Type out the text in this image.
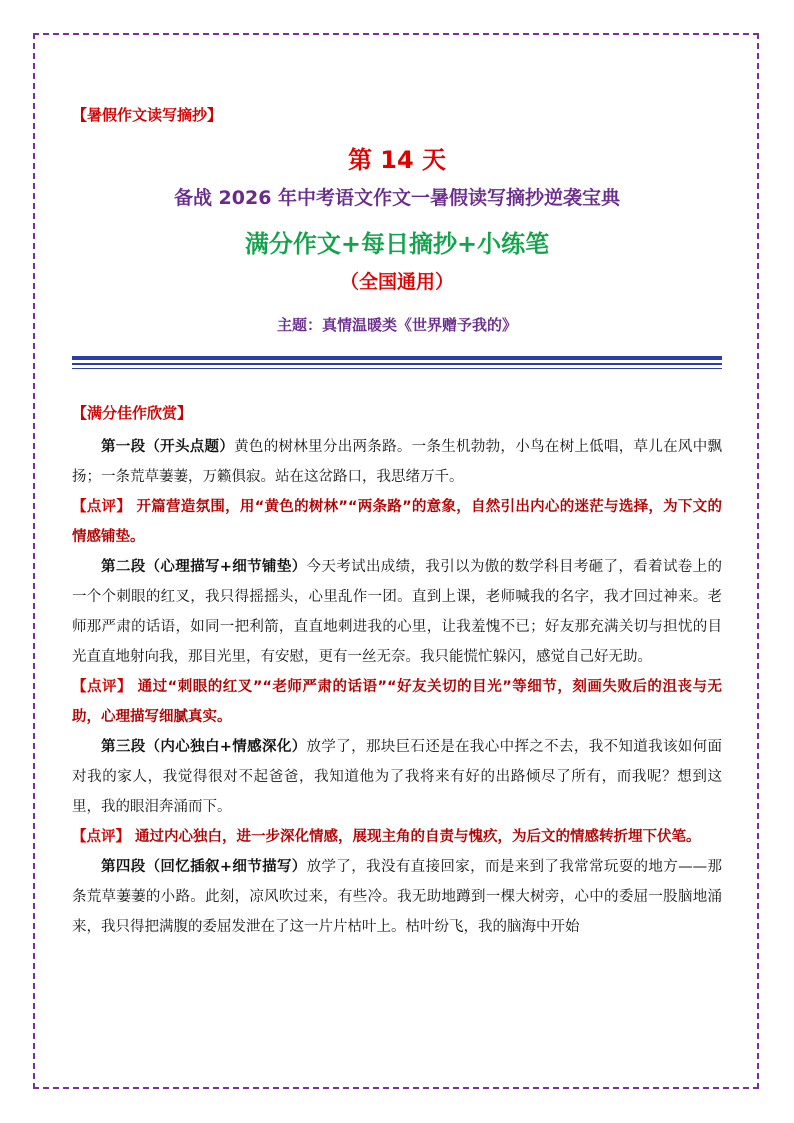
【暑假作文读写摘抄】
第 14 天
备战 2026 年中考语文作文一暑假读写摘抄逆袭宝典
满分作文+每日摘抄+小练笔
（全国通用）
主题：真情温暖类《世界赠予我的》
【满分佳作欣赏】

第一段（开头点题）黄色的树林里分出两条路。一条生机勃勃，小鸟在树上低唱，草儿在风中飘扬；一条荒草萋萋，万籁俱寂。站在这岔路口，我思绪万千。

【点评】 开篇营造氛围，用“黄色的树林”“两条路”的意象，自然引出内心的迷茫与选择，为下文的情感铺垫。

第二段（心理描写+细节铺垫）今天考试出成绩，我引以为傲的数学科目考砸了，看着试卷上的一个个刺眼的红叉，我只得摇摇头，心里乱作一团。直到上课，老师喊我的名字，我才回过神来。老师那严肃的话语，如同一把利箭，直直地刺进我的心里，让我羞愧不已；好友那充满关切与担忧的目光直直地射向我，那目光里，有安慰，更有一丝无奈。我只能慌忙躲闪，感觉自己好无助。

【点评】 通过“刺眼的红叉”“老师严肃的话语”“好友关切的目光”等细节，刻画失败后的沮丧与无助，心理描写细腻真实。

第三段（内心独白+情感深化）放学了，那块巨石还是在我心中挥之不去，我不知道我该如何面对我的家人，我觉得很对不起爸爸，我知道他为了我将来有好的出路倾尽了所有，而我呢？想到这里，我的眼泪奔涌而下。

【点评】 通过内心独白，进一步深化情感，展现主角的自责与愧疚，为后文的情感转折埋下伏笔。

第四段（回忆插叙+细节描写）放学了，我没有直接回家，而是来到了我常常玩耍的地方——那条荒草萋萋的小路。此刻，凉风吹过来，有些冷。我无助地蹲到一棵大树旁，心中的委屈一股脑地涌来，我只得把满腹的委屈发泄在了这一片片枯叶上。枯叶纷飞，我的脑海中开始
